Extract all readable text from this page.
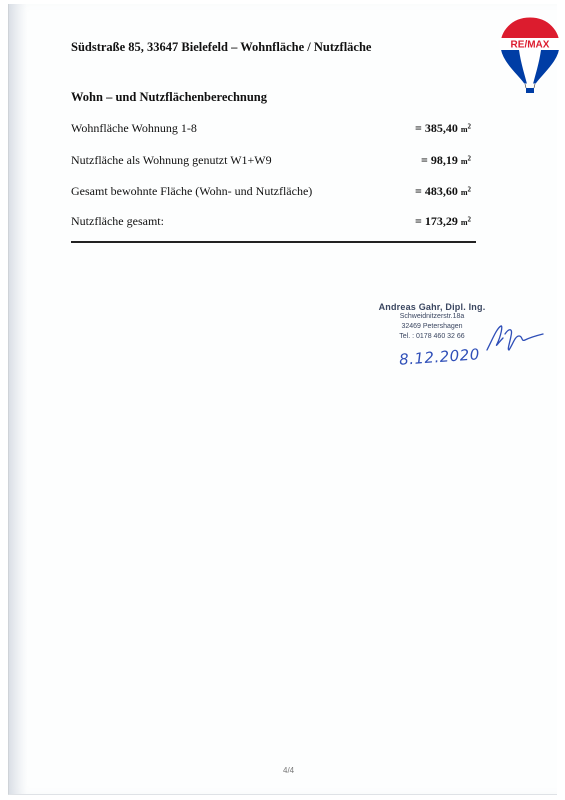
Südstraße 85, 33647 Bielefeld – Wohnfläche / Nutzfläche	RE/MAX
Wohn – und Nutzflächenberechnung
Wohnfläche Wohnung 1-8	= 385,40 $m^2$
Nutzfläche als Wohnung genutzt W1+W9	= 98,19 $m^2$
Gesamt bewohnte Fläche (Wohn- und Nutzfläche)	= 483,60 $m^2$
Nutzfläche gesamt:	= 173,29 $m^2$
Andreas Gahr, Dipl. Ing.
Schweidnitzerstr.18a
32469 Petershagen
Tel. : 0178 460 32 66
8.12.2020
4/4
